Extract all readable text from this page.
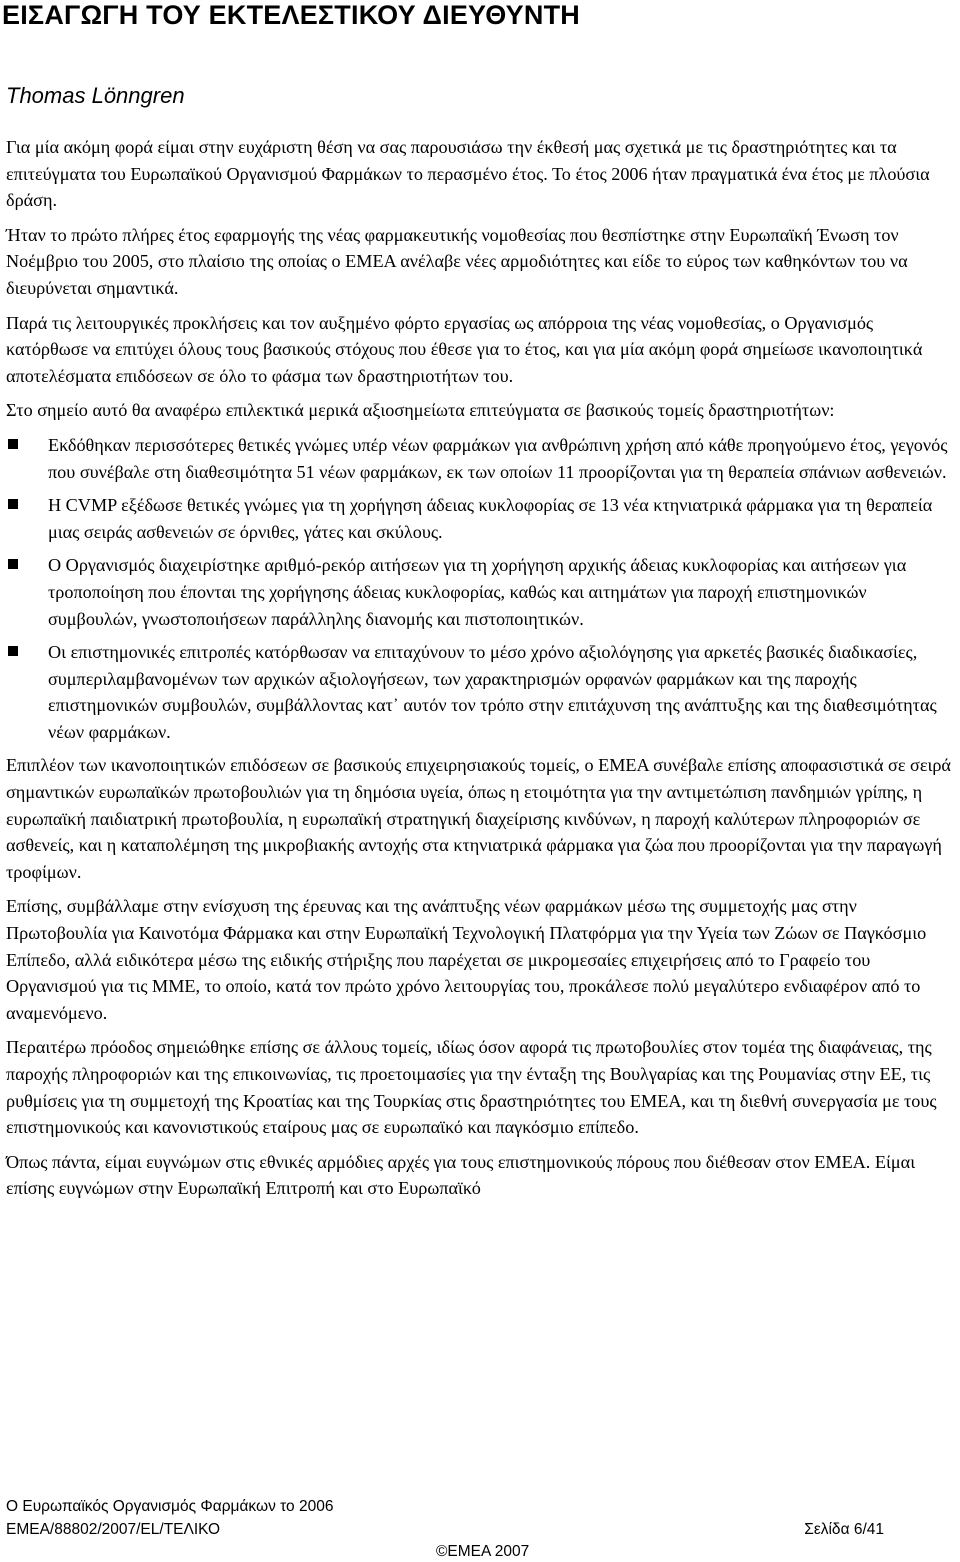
ΕΙΣΑΓΩΓΗ ΤΟΥ ΕΚΤΕΛΕΣΤΙΚΟΥ ΔΙΕΥΘΥΝΤΗ
Thomas Lönngren

Για μία ακόμη φορά είμαι στην ευχάριστη θέση να σας παρουσιάσω την έκθεσή μας σχετικά με τις δραστηριότητες και τα επιτεύγματα του Ευρωπαϊκού Οργανισμού Φαρμάκων το περασμένο έτος. Το έτος 2006 ήταν πραγματικά ένα έτος με πλούσια δράση.

Ήταν το πρώτο πλήρες έτος εφαρμογής της νέας φαρμακευτικής νομοθεσίας που θεσπίστηκε στην Ευρωπαϊκή Ένωση τον Νοέμβριο του 2005, στο πλαίσιο της οποίας ο ΕΜΕΑ ανέλαβε νέες αρμοδιότητες και είδε το εύρος των καθηκόντων του να διευρύνεται σημαντικά.

Παρά τις λειτουργικές προκλήσεις και τον αυξημένο φόρτο εργασίας ως απόρροια της νέας νομοθεσίας, ο Οργανισμός κατόρθωσε να επιτύχει όλους τους βασικούς στόχους που έθεσε για το έτος, και για μία ακόμη φορά σημείωσε ικανοποιητικά αποτελέσματα επιδόσεων σε όλο το φάσμα των δραστηριοτήτων του.

Στο σημείο αυτό θα αναφέρω επιλεκτικά μερικά αξιοσημείωτα επιτεύγματα σε βασικούς τομείς δραστηριοτήτων:

Εκδόθηκαν περισσότερες θετικές γνώμες υπέρ νέων φαρμάκων για ανθρώπινη χρήση από κάθε προηγούμενο έτος, γεγονός που συνέβαλε στη διαθεσιμότητα 51 νέων φαρμάκων, εκ των οποίων 11 προορίζονται για τη θεραπεία σπάνιων ασθενειών.
Η CVMP εξέδωσε θετικές γνώμες για τη χορήγηση άδειας κυκλοφορίας σε 13 νέα κτηνιατρικά φάρμακα για τη θεραπεία μιας σειράς ασθενειών σε όρνιθες, γάτες και σκύλους.
Ο Οργανισμός διαχειρίστηκε αριθμό-ρεκόρ αιτήσεων για τη χορήγηση αρχικής άδειας κυκλοφορίας και αιτήσεων για τροποποίηση που έπονται της χορήγησης άδειας κυκλοφορίας, καθώς και αιτημάτων για παροχή επιστημονικών συμβουλών, γνωστοποιήσεων παράλληλης διανομής και πιστοποιητικών.
Οι επιστημονικές επιτροπές κατόρθωσαν να επιταχύνουν το μέσο χρόνο αξιολόγησης για αρκετές βασικές διαδικασίες, συμπεριλαμβανομένων των αρχικών αξιολογήσεων, των χαρακτηρισμών ορφανών φαρμάκων και της παροχής επιστημονικών συμβουλών, συμβάλλοντας κατ᾽ αυτόν τον τρόπο στην επιτάχυνση της ανάπτυξης και της διαθεσιμότητας νέων φαρμάκων.

Επιπλέον των ικανοποιητικών επιδόσεων σε βασικούς επιχειρησιακούς τομείς, ο ΕΜΕΑ συνέβαλε επίσης αποφασιστικά σε σειρά σημαντικών ευρωπαϊκών πρωτοβουλιών για τη δημόσια υγεία, όπως η ετοιμότητα για την αντιμετώπιση πανδημιών γρίπης, η ευρωπαϊκή παιδιατρική πρωτοβουλία, η ευρωπαϊκή στρατηγική διαχείρισης κινδύνων, η παροχή καλύτερων πληροφοριών σε ασθενείς, και η καταπολέμηση της μικροβιακής αντοχής στα κτηνιατρικά φάρμακα για ζώα που προορίζονται για την παραγωγή τροφίμων.

Επίσης, συμβάλλαμε στην ενίσχυση της έρευνας και της ανάπτυξης νέων φαρμάκων μέσω της συμμετοχής μας στην Πρωτοβουλία για Καινοτόμα Φάρμακα και στην Ευρωπαϊκή Τεχνολογική Πλατφόρμα για την Υγεία των Ζώων σε Παγκόσμιο Επίπεδο, αλλά ειδικότερα μέσω της ειδικής στήριξης που παρέχεται σε μικρομεσαίες επιχειρήσεις από το Γραφείο του Οργανισμού για τις ΜΜΕ, το οποίο, κατά τον πρώτο χρόνο λειτουργίας του, προκάλεσε πολύ μεγαλύτερο ενδιαφέρον από το αναμενόμενο.

Περαιτέρω πρόοδος σημειώθηκε επίσης σε άλλους τομείς, ιδίως όσον αφορά τις πρωτοβουλίες στον τομέα της διαφάνειας, της παροχής πληροφοριών και της επικοινωνίας, τις προετοιμασίες για την ένταξη της Βουλγαρίας και της Ρουμανίας στην ΕΕ, τις ρυθμίσεις για τη συμμετοχή της Κροατίας και της Τουρκίας στις δραστηριότητες του ΕΜΕΑ, και τη διεθνή συνεργασία με τους επιστημονικούς και κανονιστικούς εταίρους μας σε ευρωπαϊκό και παγκόσμιο επίπεδο.

Όπως πάντα, είμαι ευγνώμων στις εθνικές αρμόδιες αρχές για τους επιστημονικούς πόρους που διέθεσαν στον ΕΜΕΑ. Είμαι επίσης ευγνώμων στην Ευρωπαϊκή Επιτροπή και στο Ευρωπαϊκό

Ο Ευρωπαϊκός Οργανισμός Φαρμάκων το 2006
EMEA/88802/2007/EL/ΤΕΛΙΚΟ	Σελίδα 6/41
©ΕΜΕΑ 2007
